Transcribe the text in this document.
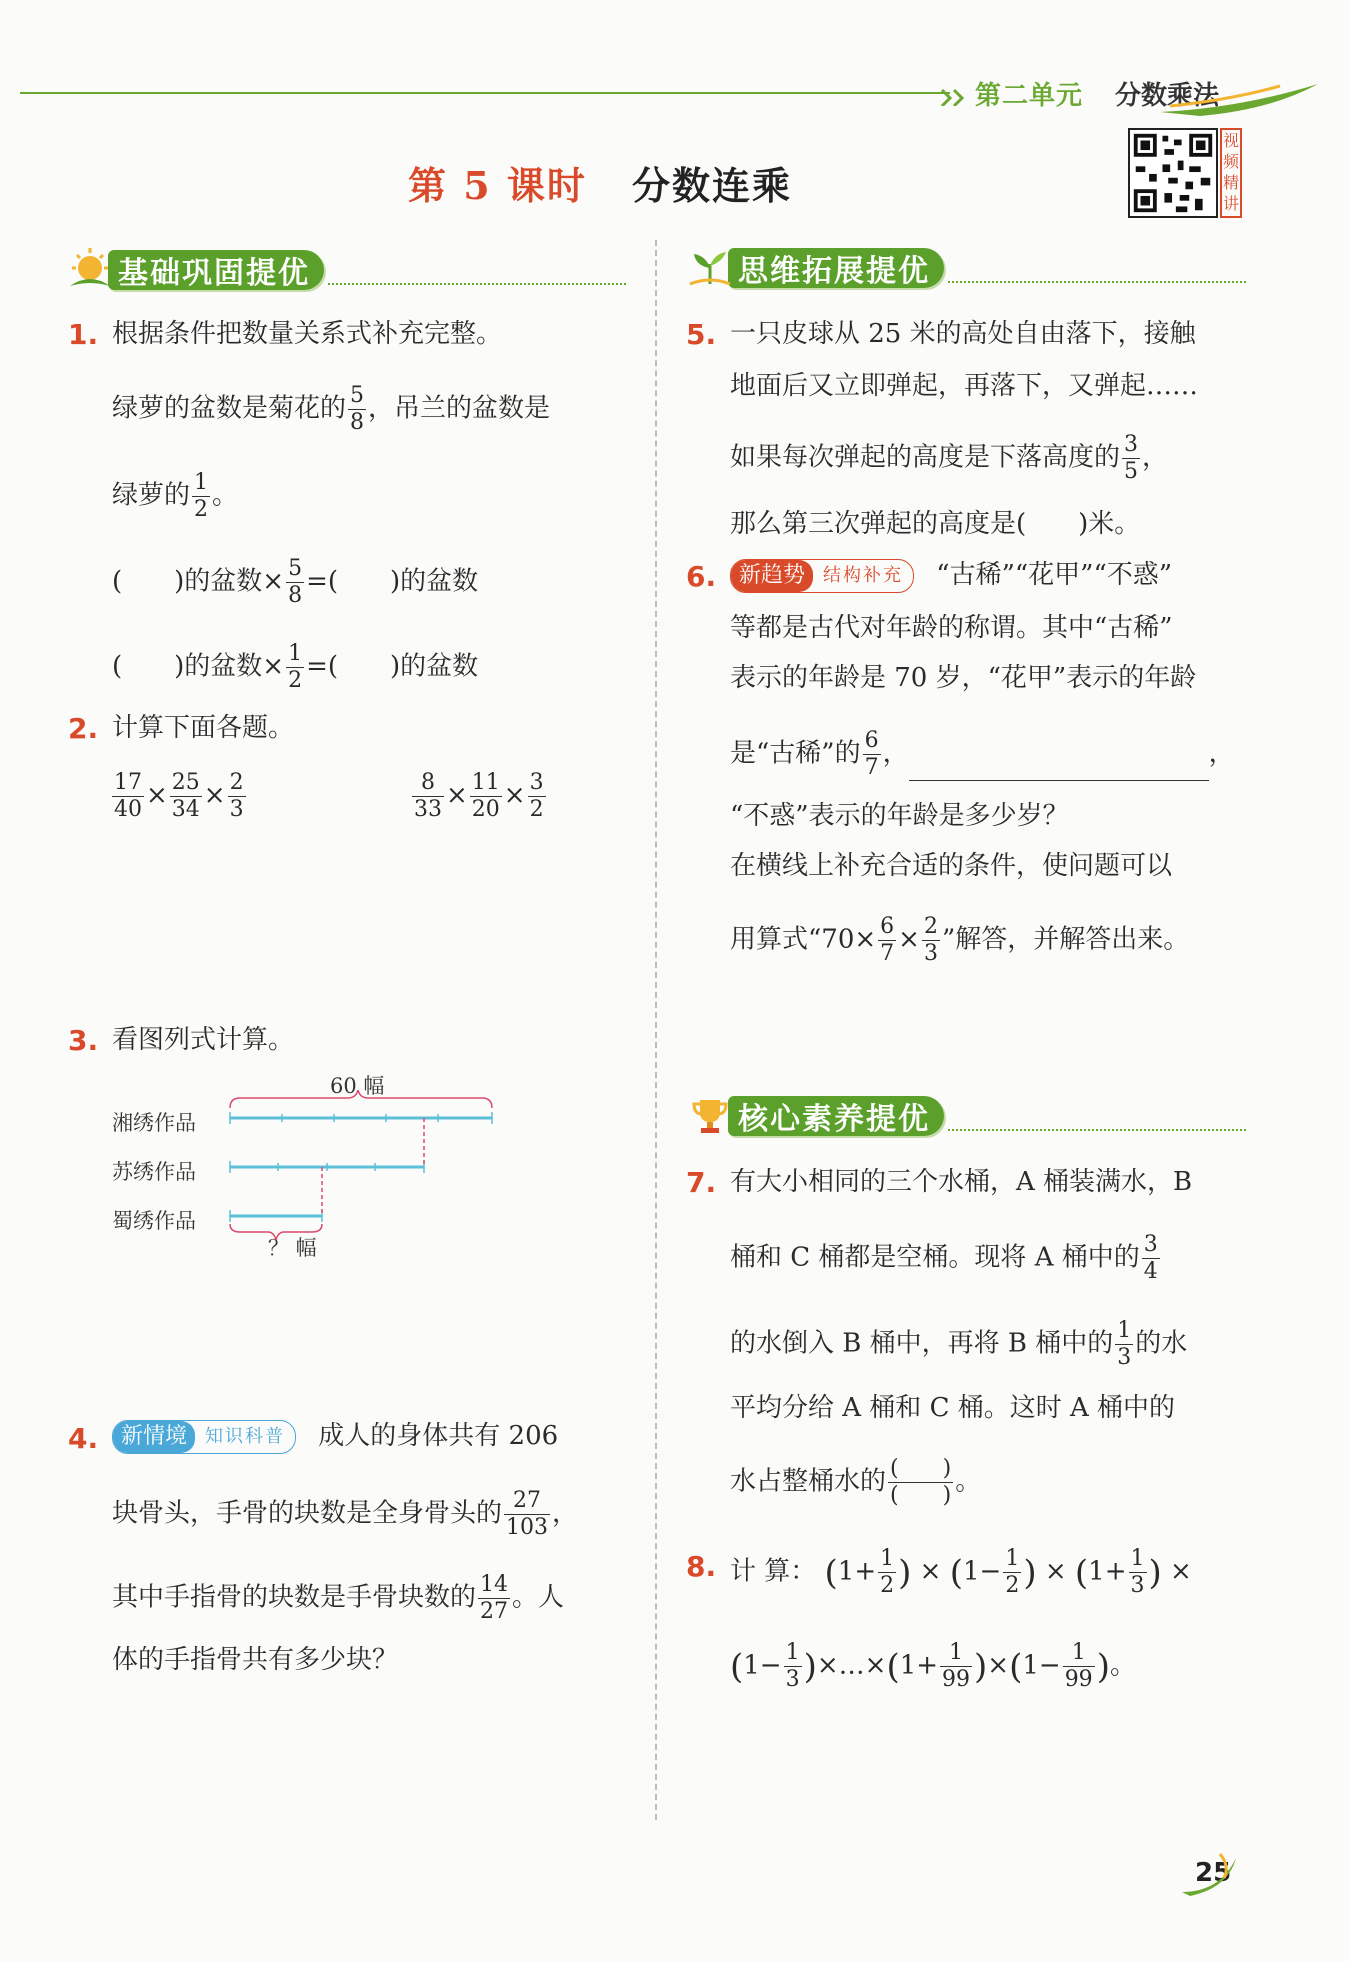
第二单元 分数乘法
第 5 课时 分数连乘
视
频
精
讲
基础巩固提优	思维拓展提优
核心素养提优
1. 根据条件把数量关系式补充完整。
绿萝的盆数是菊花的 $\frac{5}{8}$ ，吊兰的盆数是
绿萝的 $\frac{1}{2}$ 。
(　　)的盆数× $\frac{5}{8}$ =(　　)的盆数
(　　)的盆数× $\frac{1}{2}$ =(　　)的盆数
2. 计算下面各题。
$\frac{17}{40} \times \frac{25}{34} \times \frac{2}{3}$	$\frac{8}{33} \times \frac{11}{20} \times \frac{3}{2}$
3. 看图列式计算。
60 幅
湘绣作品
苏绣作品
蜀绣作品
？ 幅
4.	新情境	知识科普	成人的身体共有 206
块骨头，手骨的块数是全身骨头的 $\frac{27}{103}$ ，
其中手指骨的块数是手骨块数的 $\frac{14}{27}$ 。人
体的手指骨共有多少块？
5. 一只皮球从 25 米的高处自由落下，接触
地面后又立即弹起，再落下，又弹起……
如果每次弹起的高度是下落高度的 $\frac{3}{5}$ ，
那么第三次弹起的高度是(　　)米。
6.	新趋势	结构补充	“古稀”“花甲”“不惑”
等都是古代对年龄的称谓。其中“古稀”
表示的年龄是 70 岁，“花甲”表示的年龄
是“古稀”的 $\frac{6}{7}$ ，	，
“不惑”表示的年龄是多少岁？
在横线上补充合适的条件，使问题可以
用算式“$70\times \frac{6}{7} \times \frac{2}{3}$ ”解答，并解答出来。
7. 有大小相同的三个水桶，A 桶装满水，B
桶和 C 桶都是空桶。现将 A 桶中的 $\frac{3}{4}$
的水倒入 B 桶中，再将 B 桶中的 $\frac{1}{3}$ 的水
平均分给 A 桶和 C 桶。这时 A 桶中的
水占整桶水的 $\frac{( )}{( )}$ 。
8. 计 算： ($1+ \frac{1}{2}$ ) × ($1- \frac{1}{2}$ ) × ($1+ \frac{1}{3}$ ) ×
($1- \frac{1}{3}$ )×…×(1+ $\frac{1}{99} )\times(1- \frac{1}{99}$ )。
25
